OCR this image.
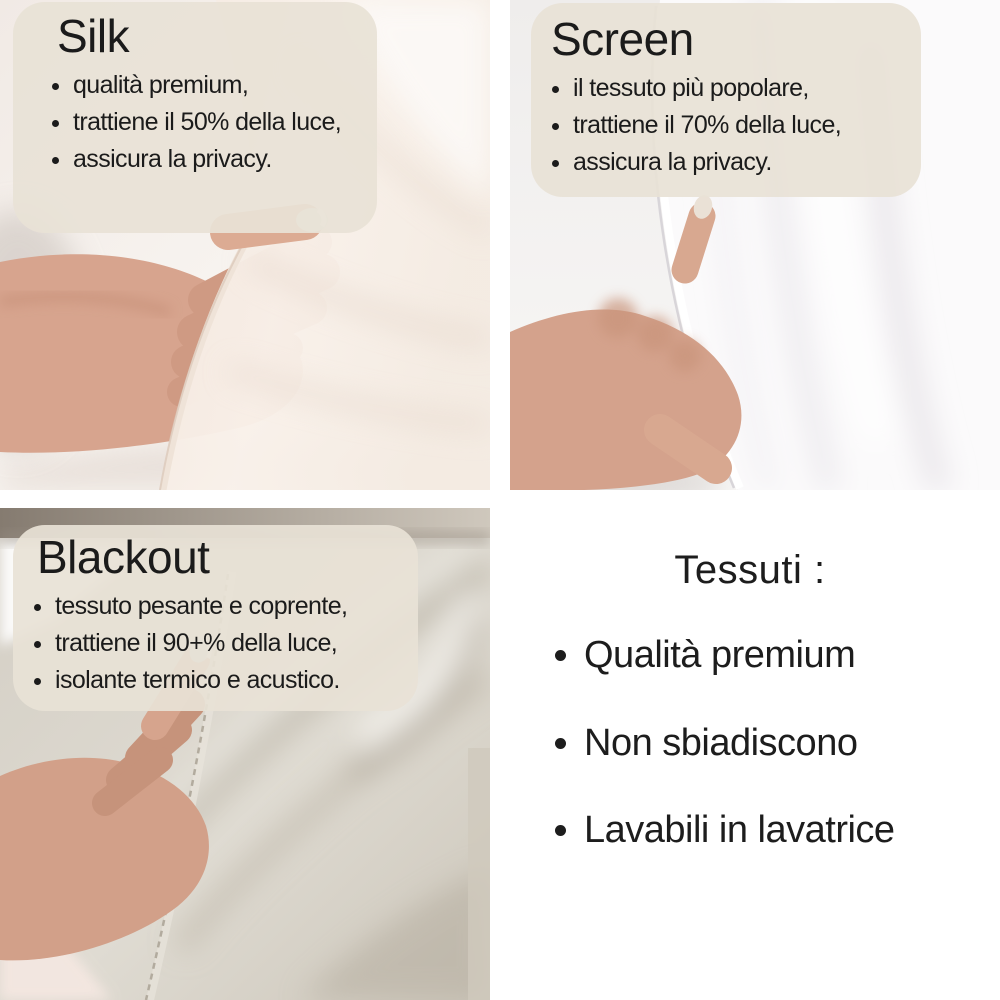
Silk
• qualità premium,
• trattiene il 50% della luce,
• assicura la privacy.
Screen
• il tessuto più popolare,
• trattiene il 70% della luce,
• assicura la privacy.
Blackout
• tessuto pesante e coprente,
• trattiene il 90+% della luce,
• isolante termico e acustico.
Tessuti :
• Qualità premium
• Non sbiadiscono
• Lavabili in lavatrice
